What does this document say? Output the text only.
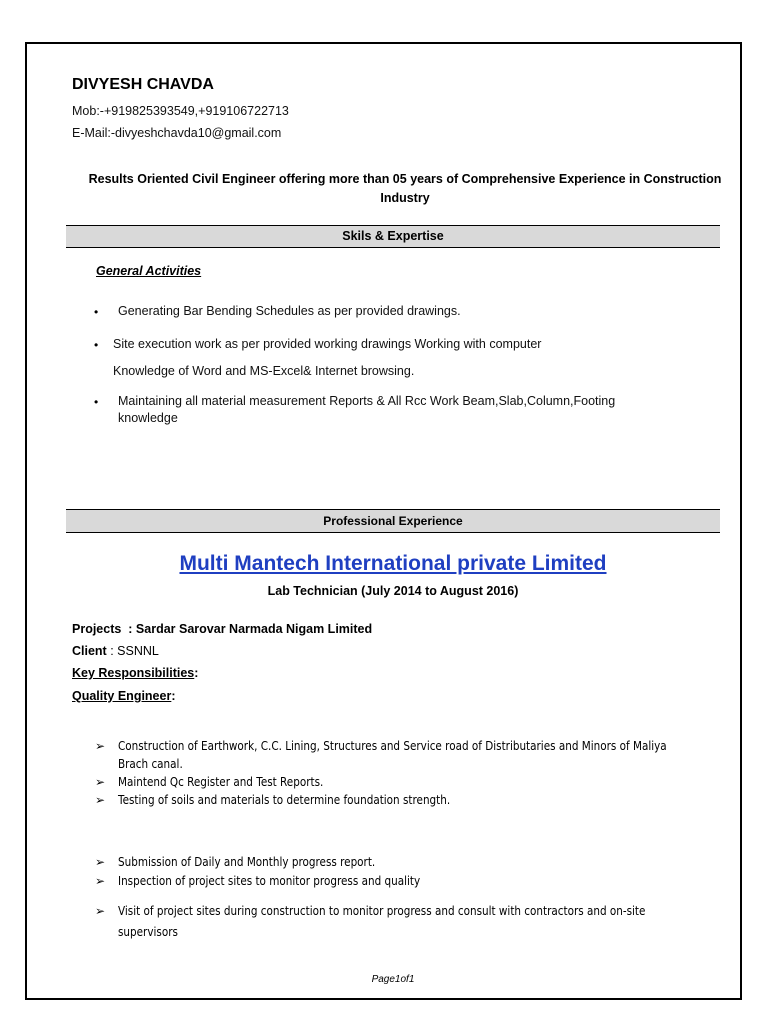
DIVYESH CHAVDA
Mob:-+919825393549,+919106722713
E-Mail:-divyeshchavda10@gmail.com
Results Oriented Civil Engineer offering more than 05 years of Comprehensive Experience in Construction Industry
Skils & Expertise
General Activities
• Generating Bar Bending Schedules as per provided drawings.
• Site execution work as per provided working drawings Working with computer
Knowledge of Word and MS-Excel& Internet browsing.
• Maintaining all material measurement Reports & All Rcc Work Beam,Slab,Column,Footing
knowledge
Professional Experience
Multi Mantech International private Limited
Lab Technician (July 2014 to August 2016)
Projects : Sardar Sarovar Narmada Nigam Limited
Client : SSNNL
Key Responsibilities:
Quality Engineer:
➢ Construction of Earthwork, C.C. Lining, Structures and Service road of Distributaries and Minors of Maliya
Brach canal.
➢ Maintend Qc Register and Test Reports.
➢ Testing of soils and materials to determine foundation strength.
➢ Submission of Daily and Monthly progress report.
➢ Inspection of project sites to monitor progress and quality
➢ Visit of project sites during construction to monitor progress and consult with contractors and on-site
supervisors
Page1of1
